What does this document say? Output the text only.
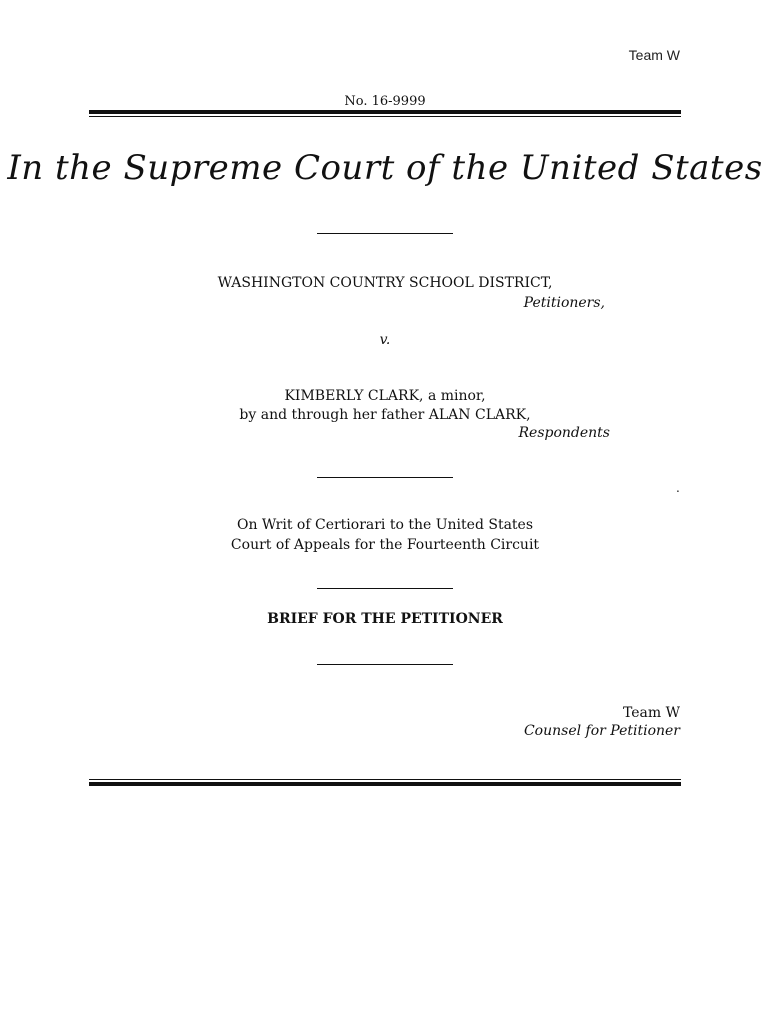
Team W
No. 16-9999
In the Supreme Court of the United States
WASHINGTON COUNTRY SCHOOL DISTRICT,
Petitioners,
v.
KIMBERLY CLARK, a minor,
by and through her father ALAN CLARK,
Respondents
.
On Writ of Certiorari to the United States
Court of Appeals for the Fourteenth Circuit
BRIEF FOR THE PETITIONER
Team W
Counsel for Petitioner
